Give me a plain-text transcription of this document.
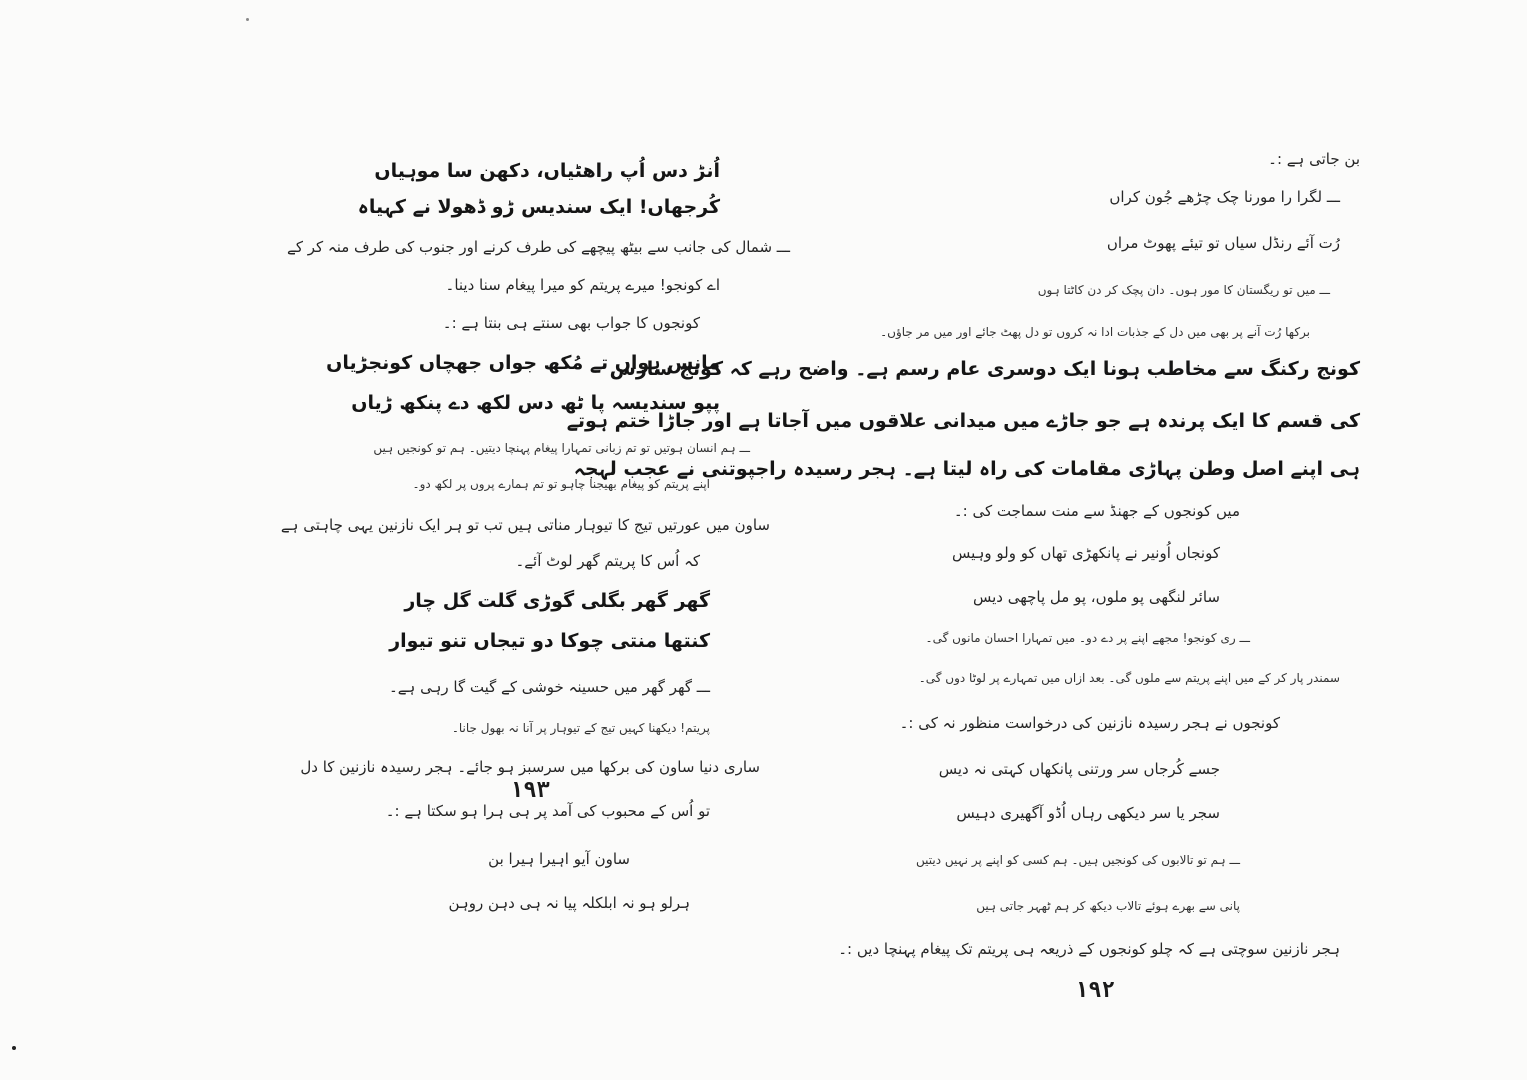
اُنڑ دس اُپ راھٹیاں، دکھن سا موہیاں
کُرجھاں! ایک سندیس ڑو ڈھولا نے کہیاہ
ـــ شمال کی جانب سے بیٹھ پیچھے کی طرف کرنے اور جنوب کی طرف منہ کر کے
اے کونجو! میرے پریتم کو میرا پیغام سنا دینا۔
کونجوں کا جواب بھی سنتے ہی بنتا ہے :۔
مانس ہواں تے مُکھ جواں جھچاں کونجڑیاں
پپو سندیسہ پا ٹھ دس لکھ دے پنکھ ڑیاں
ـــ ہم انسان ہوتیں تو تم زبانی تمہارا پیغام پہنچا دیتیں۔ ہم تو کونجیں ہیں
اپنے پریتم کو پیغام بھیجنا چاہو تو تم ہمارے پروں پر لکھ دو۔
ساون میں عورتیں تیج کا تیوہار مناتی ہیں تب تو ہر ایک نازنین یہی چاہتی ہے
کہ اُس کا پریتم گھر لوٹ آئے۔
گھر گھر بگلی گوڑی گلت گل چار
کنتھا منتی چوکا دو تیجاں تنو تیوار
ـــ گھر گھر میں حسینہ خوشی کے گیت گا رہی ہے۔
پریتم! دیکھنا کہیں تیج کے تیوہار پر آنا نہ بھول جانا۔
ساری دنیا ساون کی برکھا میں سرسبز ہو جائے۔ ہجر رسیدہ نازنین کا دل
تو اُس کے محبوب کی آمد پر ہی ہرا ہو سکتا ہے :۔
ساون آیو اہیرا ہیرا بن
ہرلو ہو نہ ابلکلہ پیا نہ ہی دہن روہن
۱۹۳
بن جاتی ہے :۔
ـــ لگرا را مورنا چک چڑھے جُون کراں
رُت آئے رنڈل سیاں تو تیئے پھوٹ مراں
ـــ میں تو ریگستان کا مور ہوں۔ دان پچک کر دن کاٹتا ہوں
برکھا رُت آنے پر بھی میں دل کے جذبات ادا نہ کروں تو دل پھٹ جائے اور میں مر جاؤں۔
کونج رکنگ سے مخاطب ہونا ایک دوسری عام رسم ہے۔ واضح رہے کہ کونج سارس
کی قسم کا ایک پرندہ ہے جو جاڑے میں میدانی علاقوں میں آجاتا ہے اور جاڑا ختم ہوتے
ہی اپنے اصل وطن پہاڑی مقامات کی راہ لیتا ہے۔ ہجر رسیدہ راجپوتنی نے عجب لہجہ
میں کونجوں کے جھنڈ سے منت سماجت کی :۔
کونجاں اُونیر نے پانکھڑی تھاں کو ولو وہیس
سائر لنگھی پو ملوں، پو مل پاچھی دیس
ـــ ری کونجو! مجھے اپنے پر دے دو۔ میں تمہارا احسان مانوں گی۔
سمندر پار کر کے میں اپنے پریتم سے ملوں گی۔ بعد ازاں میں تمہارے پر لوٹا دوں گی۔
کونجوں نے ہجر رسیدہ نازنین کی درخواست منظور نہ کی :۔
جسے کُرجاں سر ورتنی پانکھاں کہتی نہ دیس
سجر یا سر دیکھی رہاں اُڈو آگھیری دہیس
ـــ ہم تو تالابوں کی کونجیں ہیں۔ ہم کسی کو اپنے پر نہیں دیتیں
پانی سے بھرے ہوئے تالاب دیکھ کر ہم ٹھہر جاتی ہیں
ہجر نازنین سوچتی ہے کہ چلو کونجوں کے ذریعہ ہی پریتم تک پیغام پہنچا دیں :۔
۱۹۲
